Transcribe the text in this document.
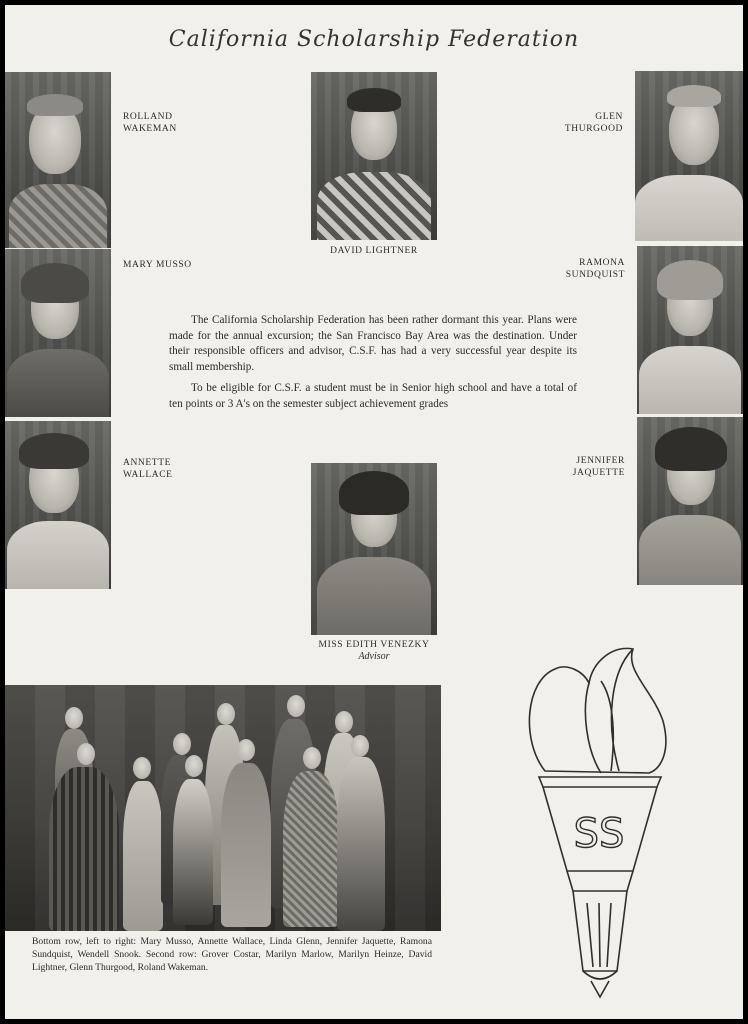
California Scholarship Federation
ROLLAND
WAKEMAN
DAVID LIGHTNER
GLEN
THURGOOD
MARY MUSSO	RAMONA
SUNDQUIST

The California Scholarship Federation has been rather dormant this year. Plans were made for the annual excursion; the San Francisco Bay Area was the destination. Under their responsible officers and advisor, C.S.F. has had a very successful year despite its small membership.

To be eligible for C.S.F. a student must be in Senior high school and have a total of ten points or 3 A's on the semester subject achievement grades

ANNETTE
WALLACE
JENNIFER
JAQUETTE
MISS EDITH VENEZKY
Advisor
Bottom row, left to right: Mary Musso, Annette Wallace, Linda Glenn, Jennifer Jaquette, Ramona Sundquist, Wendell Snook. Second row: Grover Costar, Marilyn Marlow, Marilyn Heinze, David Lightner, Glenn Thurgood, Roland Wakeman.
SS
